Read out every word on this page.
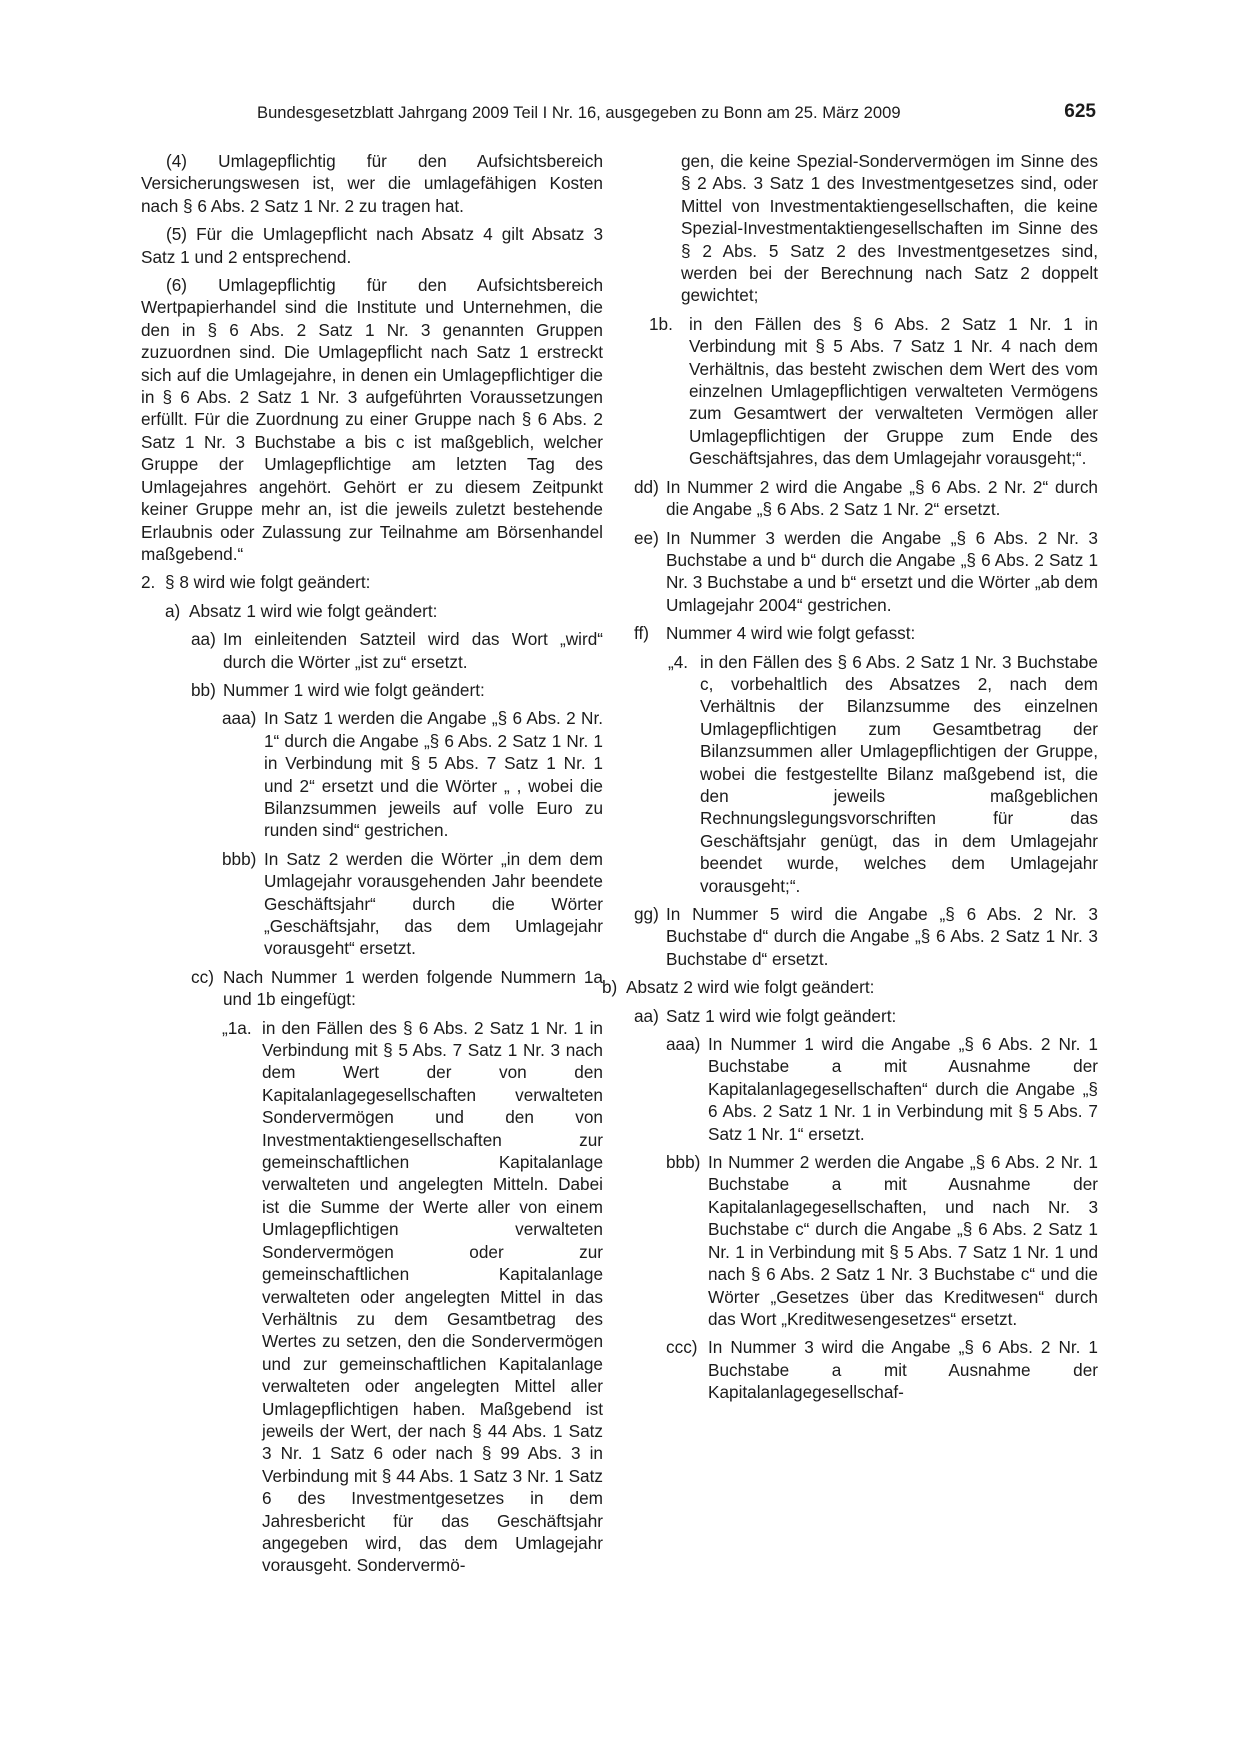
Bundesgesetzblatt Jahrgang 2009 Teil I Nr. 16, ausgegeben zu Bonn am 25. März 2009	625

(4) Umlagepflichtig für den Aufsichtsbereich Versicherungswesen ist, wer die umlagefähigen Kosten nach § 6 Abs. 2 Satz 1 Nr. 2 zu tragen hat.

(5) Für die Umlagepflicht nach Absatz 4 gilt Absatz 3 Satz 1 und 2 entsprechend.

(6) Umlagepflichtig für den Aufsichtsbereich Wertpapierhandel sind die Institute und Unternehmen, die den in § 6 Abs. 2 Satz 1 Nr. 3 genannten Gruppen zuzuordnen sind. Die Umlagepflicht nach Satz 1 erstreckt sich auf die Umlagejahre, in denen ein Umlagepflichtiger die in § 6 Abs. 2 Satz 1 Nr. 3 aufgeführten Voraussetzungen erfüllt. Für die Zuordnung zu einer Gruppe nach § 6 Abs. 2 Satz 1 Nr. 3 Buchstabe a bis c ist maßgeblich, welcher Gruppe der Umlagepflichtige am letzten Tag des Umlagejahres angehört. Gehört er zu diesem Zeitpunkt keiner Gruppe mehr an, ist die jeweils zuletzt bestehende Erlaubnis oder Zulassung zur Teilnahme am Börsenhandel maßgebend.“

2. § 8 wird wie folgt geändert:
a) Absatz 1 wird wie folgt geändert:
aa) Im einleitenden Satzteil wird das Wort „wird“ durch die Wörter „ist zu“ ersetzt.
bb) Nummer 1 wird wie folgt geändert:
aaa) In Satz 1 werden die Angabe „§ 6 Abs. 2 Nr. 1“ durch die Angabe „§ 6 Abs. 2 Satz 1 Nr. 1 in Verbindung mit § 5 Abs. 7 Satz 1 Nr. 1 und 2“ ersetzt und die Wörter „ , wobei die Bilanzsummen jeweils auf volle Euro zu runden sind“ gestrichen.
bbb) In Satz 2 werden die Wörter „in dem dem Umlagejahr vorausgehenden Jahr beendete Geschäftsjahr“ durch die Wörter „Geschäftsjahr, das dem Umlagejahr vorausgeht“ ersetzt.
cc) Nach Nummer 1 werden folgende Nummern 1a und 1b eingefügt:
„1a. in den Fällen des § 6 Abs. 2 Satz 1 Nr. 1 in Verbindung mit § 5 Abs. 7 Satz 1 Nr. 3 nach dem Wert der von den Kapitalanlagegesellschaften verwalteten Sondervermögen und den von Investmentaktiengesellschaften zur gemeinschaftlichen Kapitalanlage verwalteten und angelegten Mitteln. Dabei ist die Summe der Werte aller von einem Umlagepflichtigen verwalteten Sondervermögen oder zur gemeinschaftlichen Kapitalanlage verwalteten oder angelegten Mittel in das Verhältnis zu dem Gesamtbetrag des Wertes zu setzen, den die Sondervermögen und zur gemeinschaftlichen Kapitalanlage verwalteten oder angelegten Mittel aller Umlagepflichtigen haben. Maßgebend ist jeweils der Wert, der nach § 44 Abs. 1 Satz 3 Nr. 1 Satz 6 oder nach § 99 Abs. 3 in Verbindung mit § 44 Abs. 1 Satz 3 Nr. 1 Satz 6 des Investmentgesetzes in dem Jahresbericht für das Geschäftsjahr angegeben wird, das dem Umlagejahr vorausgeht. Sondervermö-

gen, die keine Spezial-Sondervermögen im Sinne des § 2 Abs. 3 Satz 1 des Investmentgesetzes sind, oder Mittel von Investmentaktiengesellschaften, die keine Spezial-Investmentaktiengesellschaften im Sinne des § 2 Abs. 5 Satz 2 des Investmentgesetzes sind, werden bei der Berechnung nach Satz 2 doppelt gewichtet;

1b. in den Fällen des § 6 Abs. 2 Satz 1 Nr. 1 in Verbindung mit § 5 Abs. 7 Satz 1 Nr. 4 nach dem Verhältnis, das besteht zwischen dem Wert des vom einzelnen Umlagepflichtigen verwalteten Vermögens zum Gesamtwert der verwalteten Vermögen aller Umlagepflichtigen der Gruppe zum Ende des Geschäftsjahres, das dem Umlagejahr vorausgeht;“.
dd) In Nummer 2 wird die Angabe „§ 6 Abs. 2 Nr. 2“ durch die Angabe „§ 6 Abs. 2 Satz 1 Nr. 2“ ersetzt.
ee) In Nummer 3 werden die Angabe „§ 6 Abs. 2 Nr. 3 Buchstabe a und b“ durch die Angabe „§ 6 Abs. 2 Satz 1 Nr. 3 Buchstabe a und b“ ersetzt und die Wörter „ab dem Umlagejahr 2004“ gestrichen.
ff) Nummer 4 wird wie folgt gefasst:
„4. in den Fällen des § 6 Abs. 2 Satz 1 Nr. 3 Buchstabe c, vorbehaltlich des Absatzes 2, nach dem Verhältnis der Bilanzsumme des einzelnen Umlagepflichtigen zum Gesamtbetrag der Bilanzsummen aller Umlagepflichtigen der Gruppe, wobei die festgestellte Bilanz maßgebend ist, die den jeweils maßgeblichen Rechnungslegungsvorschriften für das Geschäftsjahr genügt, das in dem Umlagejahr beendet wurde, welches dem Umlagejahr vorausgeht;“.
gg) In Nummer 5 wird die Angabe „§ 6 Abs. 2 Nr. 3 Buchstabe d“ durch die Angabe „§ 6 Abs. 2 Satz 1 Nr. 3 Buchstabe d“ ersetzt.
b) Absatz 2 wird wie folgt geändert:
aa) Satz 1 wird wie folgt geändert:
aaa) In Nummer 1 wird die Angabe „§ 6 Abs. 2 Nr. 1 Buchstabe a mit Ausnahme der Kapitalanlagegesellschaften“ durch die Angabe „§ 6 Abs. 2 Satz 1 Nr. 1 in Verbindung mit § 5 Abs. 7 Satz 1 Nr. 1“ ersetzt.
bbb) In Nummer 2 werden die Angabe „§ 6 Abs. 2 Nr. 1 Buchstabe a mit Ausnahme der Kapitalanlagegesellschaften, und nach Nr. 3 Buchstabe c“ durch die Angabe „§ 6 Abs. 2 Satz 1 Nr. 1 in Verbindung mit § 5 Abs. 7 Satz 1 Nr. 1 und nach § 6 Abs. 2 Satz 1 Nr. 3 Buchstabe c“ und die Wörter „Gesetzes über das Kreditwesen“ durch das Wort „Kreditwesengesetzes“ ersetzt.
ccc) In Nummer 3 wird die Angabe „§ 6 Abs. 2 Nr. 1 Buchstabe a mit Ausnahme der Kapitalanlagegesellschaf-
